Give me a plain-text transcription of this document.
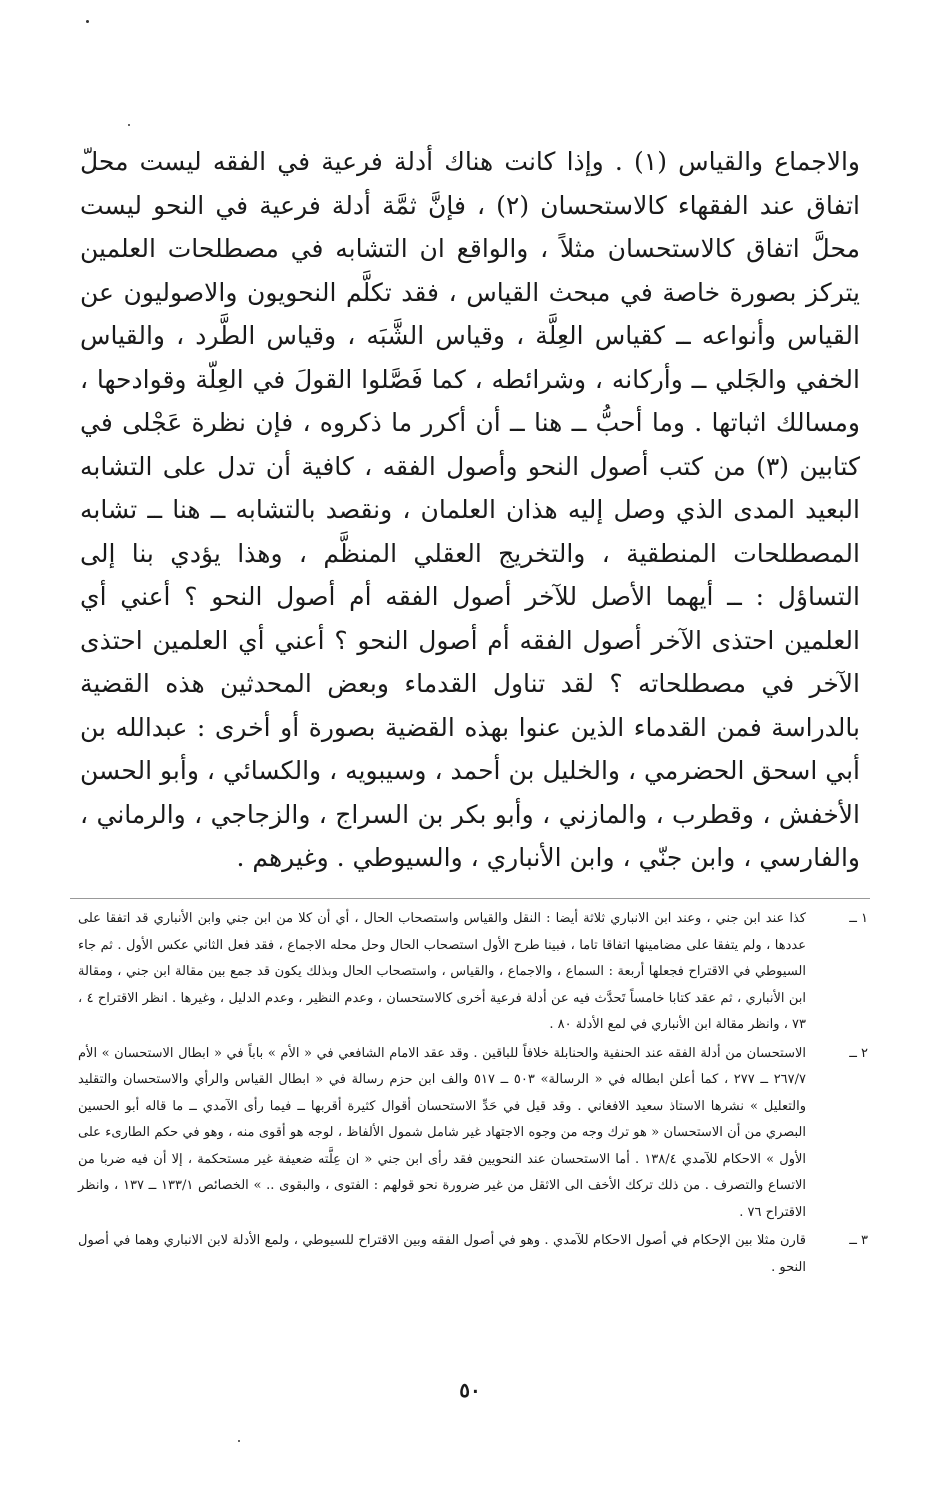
والاجماع والقياس (١) . وإذا كانت هناك أدلة فرعية في الفقه ليست محلّ اتفاق عند الفقهاء كالاستحسان (٢) ، فإنَّ ثمَّة أدلة فرعية في النحو ليست محلَّ اتفاق كالاستحسان مثلاً ، والواقع ان التشابه في مصطلحات العلمين يتركز بصورة خاصة في مبحث القياس ، فقد تكلَّم النحويون والاصوليون عن القياس وأنواعه ــ كقياس العِلَّة ، وقياس الشَّبَه ، وقياس الطَّرد ، والقياس الخفي والجَلي ــ وأركانه ، وشرائطه ، كما فَصَّلوا القولَ في العِلّة وقوادحها ، ومسالك اثباتها . وما أحبُّ ــ هنا ــ أن أكرر ما ذكروه ، فإن نظرة عَجْلى في كتابين (٣) من كتب أصول النحو وأصول الفقه ، كافية أن تدل على التشابه البعيد المدى الذي وصل إليه هذان العلمان ، ونقصد بالتشابه ــ هنا ــ تشابه المصطلحات المنطقية ، والتخريج العقلي المنظَّم ، وهذا يؤدي بنا إلى التساؤل : ــ أيهما الأصل للآخر أصول الفقه أم أصول النحو ؟ أعني أي العلمين احتذى الآخر أصول الفقه أم أصول النحو ؟ أعني أي العلمين احتذى الآخر في مصطلحاته ؟ لقد تناول القدماء وبعض المحدثين هذه القضية بالدراسة فمن القدماء الذين عنوا بهذه القضية بصورة أو أخرى : عبدالله بن أبي اسحق الحضرمي ، والخليل بن أحمد ، وسيبويه ، والكسائي ، وأبو الحسن الأخفش ، وقطرب ، والمازني ، وأبو بكر بن السراج ، والزجاجي ، والرماني ، والفارسي ، وابن جنّي ، وابن الأنباري ، والسيوطي . وغيرهم .

١ ــ
كذا عند ابن جني ، وعند ابن الانباري ثلاثة أيضا : النقل والقياس واستصحاب الحال ، أي أن كلا من ابن جني وابن الأنباري قد اتفقا على عددها ، ولم يتفقا على مضامينها اتفاقا تاما ، فبينا طرح الأول استصحاب الحال وحل محله الاجماع ، فقد فعل الثاني عكس الأول . ثم جاء السيوطي في الاقتراح فجعلها أربعة : السماع ، والاجماع ، والقياس ، واستصحاب الحال وبذلك يكون قد جمع بين مقالة ابن جني ، ومقالة ابن الأنباري ، ثم عقد كتابا خامساً تَحدَّث فيه عن أدلة فرعية أخرى كالاستحسان ، وعدم النظير ، وعدم الدليل ، وغيرها . انظر الاقتراح ٤ ، ٧٣ ، وانظر مقالة ابن الأنباري في لمع الأدلة ٨٠ .
٢ ــ
الاستحسان من أدلة الفقه عند الحنفية والحنابلة خلافاً للباقين . وقد عقد الامام الشافعي في « الأم » باباً في « ابطال الاستحسان » الأم ٢٦٧/٧ ــ ٢٧٧ ، كما أعلن ابطاله في « الرسالة» ٥٠٣ ــ ٥١٧ والف ابن حزم رسالة في « ابطال القياس والرأي والاستحسان والتقليد والتعليل » نشرها الاستاذ سعيد الافغاني . وقد قيل في حَدِّ الاستحسان أقوال كثيرة أقربها ــ فيما رأى الآمدي ــ ما قاله أبو الحسين البصري من أن الاستحسان « هو ترك وجه من وجوه الاجتهاد غير شامل شمول الألفاظ ، لوجه هو أقوى منه ، وهو في حكم الطارىء على الأول » الاحكام للآمدي ١٣٨/٤ . أما الاستحسان عند النحويين فقد رأى ابن جني « ان عِلَّته ضعيفة غير مستحكمة ، إلا أن فيه ضربا من الاتساع والتصرف . من ذلك تركك الأخف الى الاثقل من غير ضرورة نحو قولهم : الفتوى ، والبقوى .. » الخصائص ١٣٣/١ ــ ١٣٧ ، وانظر الاقتراح ٧٦ .
٣ ــ
قارن مثلا بين الإحكام في أصول الاحكام للآمدي . وهو في أصول الفقه وبين الاقتراح للسيوطي ، ولمع الأدلة لابن الانباري وهما في أصول النحو .
٥٠
